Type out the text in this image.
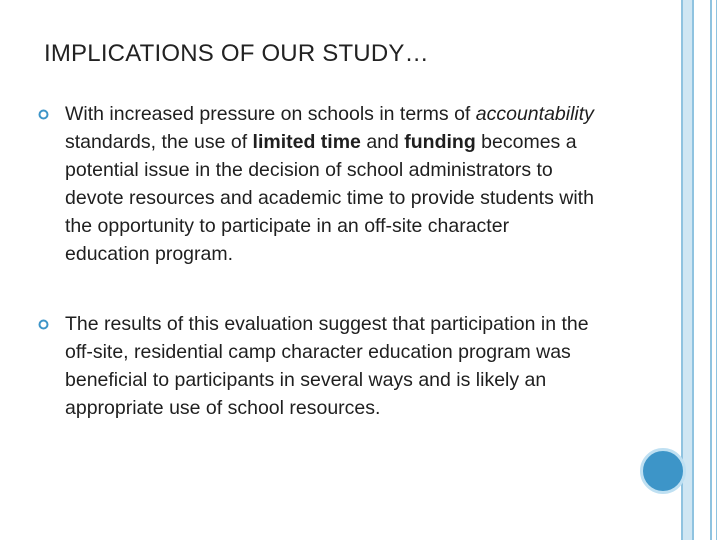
IMPLICATIONS OF OUR STUDY…
With increased pressure on schools in terms of accountability standards, the use of limited time and funding becomes a potential issue in the decision of school administrators to devote resources and academic time to provide students with the opportunity to participate in an off-site character education program.
The results of this evaluation suggest that participation in the off-site, residential camp character education program was beneficial to participants in several ways and is likely an appropriate use of school resources.
